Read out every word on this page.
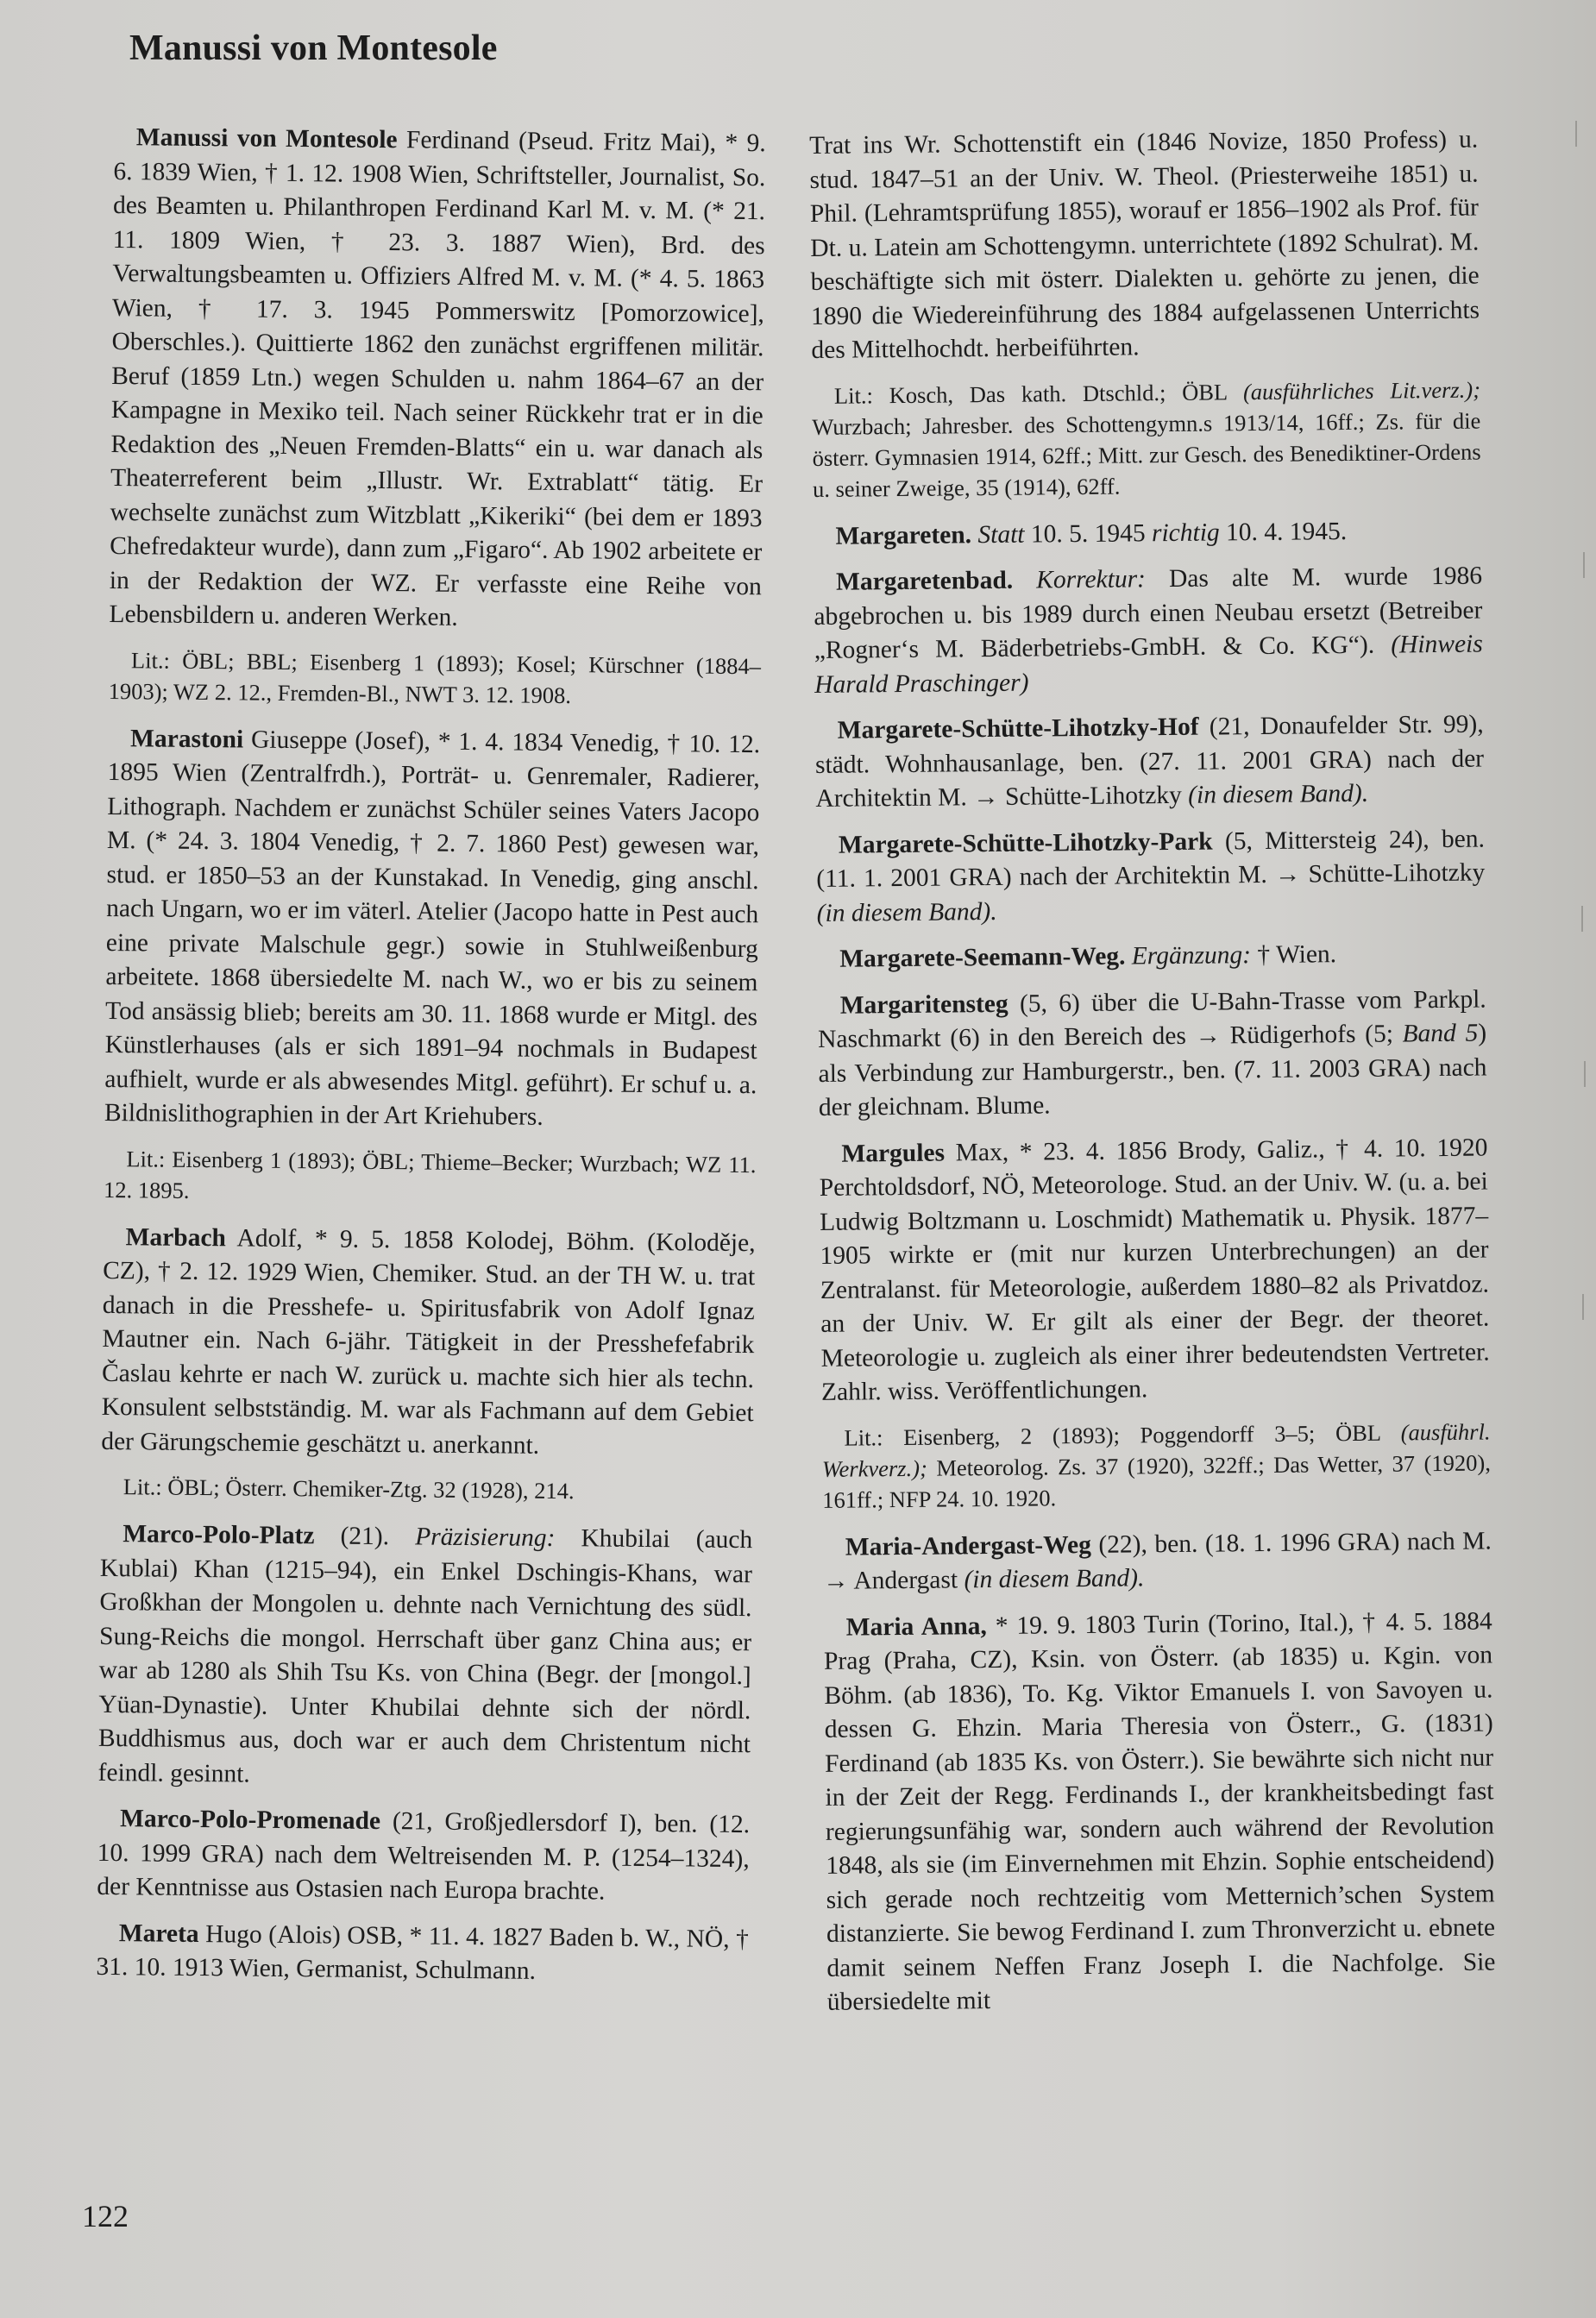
Manussi von Montesole

Manussi von Montesole Ferdinand (Pseud. Fritz Mai), * 9. 6. 1839 Wien, † 1. 12. 1908 Wien, Schriftsteller, Journalist, So. des Beamten u. Philanthropen Ferdinand Karl M. v. M. (* 21. 11. 1809 Wien, † 23. 3. 1887 Wien), Brd. des Verwaltungsbeamten u. Offiziers Alfred M. v. M. (* 4. 5. 1863 Wien, † 17. 3. 1945 Pommerswitz [Pomorzowice], Oberschles.). Quittierte 1862 den zunächst ergriffenen militär. Beruf (1859 Ltn.) wegen Schulden u. nahm 1864–67 an der Kampagne in Mexiko teil. Nach seiner Rückkehr trat er in die Redaktion des „Neuen Fremden-Blatts“ ein u. war danach als Theaterreferent beim „Illustr. Wr. Extrablatt“ tätig. Er wechselte zunächst zum Witzblatt „Kikeriki“ (bei dem er 1893 Chefredakteur wurde), dann zum „Figaro“. Ab 1902 arbeitete er in der Redaktion der WZ. Er verfasste eine Reihe von Lebensbildern u. anderen Werken.

Lit.: ÖBL; BBL; Eisenberg 1 (1893); Kosel; Kürschner (1884–1903); WZ 2. 12., Fremden-Bl., NWT 3. 12. 1908.

Marastoni Giuseppe (Josef), * 1. 4. 1834 Venedig, † 10. 12. 1895 Wien (Zentralfrdh.), Porträt- u. Genremaler, Radierer, Lithograph. Nachdem er zunächst Schüler seines Vaters Jacopo M. (* 24. 3. 1804 Venedig, † 2. 7. 1860 Pest) gewesen war, stud. er 1850–53 an der Kunstakad. In Venedig, ging anschl. nach Ungarn, wo er im väterl. Atelier (Jacopo hatte in Pest auch eine private Malschule gegr.) sowie in Stuhlweißenburg arbeitete. 1868 übersiedelte M. nach W., wo er bis zu seinem Tod ansässig blieb; bereits am 30. 11. 1868 wurde er Mitgl. des Künstlerhauses (als er sich 1891–94 nochmals in Budapest aufhielt, wurde er als abwesendes Mitgl. geführt). Er schuf u. a. Bildnislithographien in der Art Kriehubers.

Lit.: Eisenberg 1 (1893); ÖBL; Thieme–Becker; Wurzbach; WZ 11. 12. 1895.

Marbach Adolf, * 9. 5. 1858 Kolodej, Böhm. (Koloděje, CZ), † 2. 12. 1929 Wien, Chemiker. Stud. an der TH W. u. trat danach in die Presshefe- u. Spiritusfabrik von Adolf Ignaz Mautner ein. Nach 6-jähr. Tätigkeit in der Presshefefabrik Časlau kehrte er nach W. zurück u. machte sich hier als techn. Konsulent selbstständig. M. war als Fachmann auf dem Gebiet der Gärungschemie geschätzt u. anerkannt.

Lit.: ÖBL; Österr. Chemiker-Ztg. 32 (1928), 214.

Marco-Polo-Platz (21). Präzisierung: Khubilai (auch Kublai) Khan (1215–94), ein Enkel Dschingis-Khans, war Großkhan der Mongolen u. dehnte nach Vernichtung des südl. Sung-Reichs die mongol. Herrschaft über ganz China aus; er war ab 1280 als Shih Tsu Ks. von China (Begr. der [mongol.] Yüan-Dynastie). Unter Khubilai dehnte sich der nördl. Buddhismus aus, doch war er auch dem Christentum nicht feindl. gesinnt.

Marco-Polo-Promenade (21, Großjedlersdorf I), ben. (12. 10. 1999 GRA) nach dem Weltreisenden M. P. (1254–1324), der Kenntnisse aus Ostasien nach Europa brachte.

Mareta Hugo (Alois) OSB, * 11. 4. 1827 Baden b. W., NÖ, † 31. 10. 1913 Wien, Germanist, Schulmann.

Trat ins Wr. Schottenstift ein (1846 Novize, 1850 Profess) u. stud. 1847–51 an der Univ. W. Theol. (Priesterweihe 1851) u. Phil. (Lehramtsprüfung 1855), worauf er 1856–1902 als Prof. für Dt. u. Latein am Schottengymn. unterrichtete (1892 Schulrat). M. beschäftigte sich mit österr. Dialekten u. gehörte zu jenen, die 1890 die Wiedereinführung des 1884 aufgelassenen Unterrichts des Mittelhochdt. herbeiführten.

Lit.: Kosch, Das kath. Dtschld.; ÖBL (ausführliches Lit.verz.); Wurzbach; Jahresber. des Schottengymn.s 1913/14, 16ff.; Zs. für die österr. Gymnasien 1914, 62ff.; Mitt. zur Gesch. des Benediktiner-Ordens u. seiner Zweige, 35 (1914), 62ff.

Margareten. Statt 10. 5. 1945 richtig 10. 4. 1945.

Margaretenbad. Korrektur: Das alte M. wurde 1986 abgebrochen u. bis 1989 durch einen Neubau ersetzt (Betreiber „Rogner‘s M. Bäderbetriebs-GmbH. & Co. KG“). (Hinweis Harald Praschinger)

Margarete-Schütte-Lihotzky-Hof (21, Donaufelder Str. 99), städt. Wohnhausanlage, ben. (27. 11. 2001 GRA) nach der Architektin M. → Schütte-Lihotzky (in diesem Band).

Margarete-Schütte-Lihotzky-Park (5, Mittersteig 24), ben. (11. 1. 2001 GRA) nach der Architektin M. → Schütte-Lihotzky (in diesem Band).

Margarete-Seemann-Weg. Ergänzung: † Wien.

Margaritensteg (5, 6) über die U-Bahn-Trasse vom Parkpl. Naschmarkt (6) in den Bereich des → Rüdigerhofs (5; Band 5) als Verbindung zur Hamburgerstr., ben. (7. 11. 2003 GRA) nach der gleichnam. Blume.

Margules Max, * 23. 4. 1856 Brody, Galiz., † 4. 10. 1920 Perchtoldsdorf, NÖ, Meteorologe. Stud. an der Univ. W. (u. a. bei Ludwig Boltzmann u. Loschmidt) Mathematik u. Physik. 1877–1905 wirkte er (mit nur kurzen Unterbrechungen) an der Zentralanst. für Meteorologie, außerdem 1880–82 als Privatdoz. an der Univ. W. Er gilt als einer der Begr. der theoret. Meteorologie u. zugleich als einer ihrer bedeutendsten Vertreter. Zahlr. wiss. Veröffentlichungen.

Lit.: Eisenberg, 2 (1893); Poggendorff 3–5; ÖBL (ausführl. Werkverz.); Meteorolog. Zs. 37 (1920), 322ff.; Das Wetter, 37 (1920), 161ff.; NFP 24. 10. 1920.

Maria-Andergast-Weg (22), ben. (18. 1. 1996 GRA) nach M. → Andergast (in diesem Band).

Maria Anna, * 19. 9. 1803 Turin (Torino, Ital.), † 4. 5. 1884 Prag (Praha, CZ), Ksin. von Österr. (ab 1835) u. Kgin. von Böhm. (ab 1836), To. Kg. Viktor Emanuels I. von Savoyen u. dessen G. Ehzin. Maria Theresia von Österr., G. (1831) Ferdinand (ab 1835 Ks. von Österr.). Sie bewährte sich nicht nur in der Zeit der Regg. Ferdinands I., der krankheitsbedingt fast regierungsunfähig war, sondern auch während der Revolution 1848, als sie (im Einvernehmen mit Ehzin. Sophie entscheidend) sich gerade noch rechtzeitig vom Metternich’schen System distanzierte. Sie bewog Ferdinand I. zum Thronverzicht u. ebnete damit seinem Neffen Franz Joseph I. die Nachfolge. Sie übersiedelte mit

122
